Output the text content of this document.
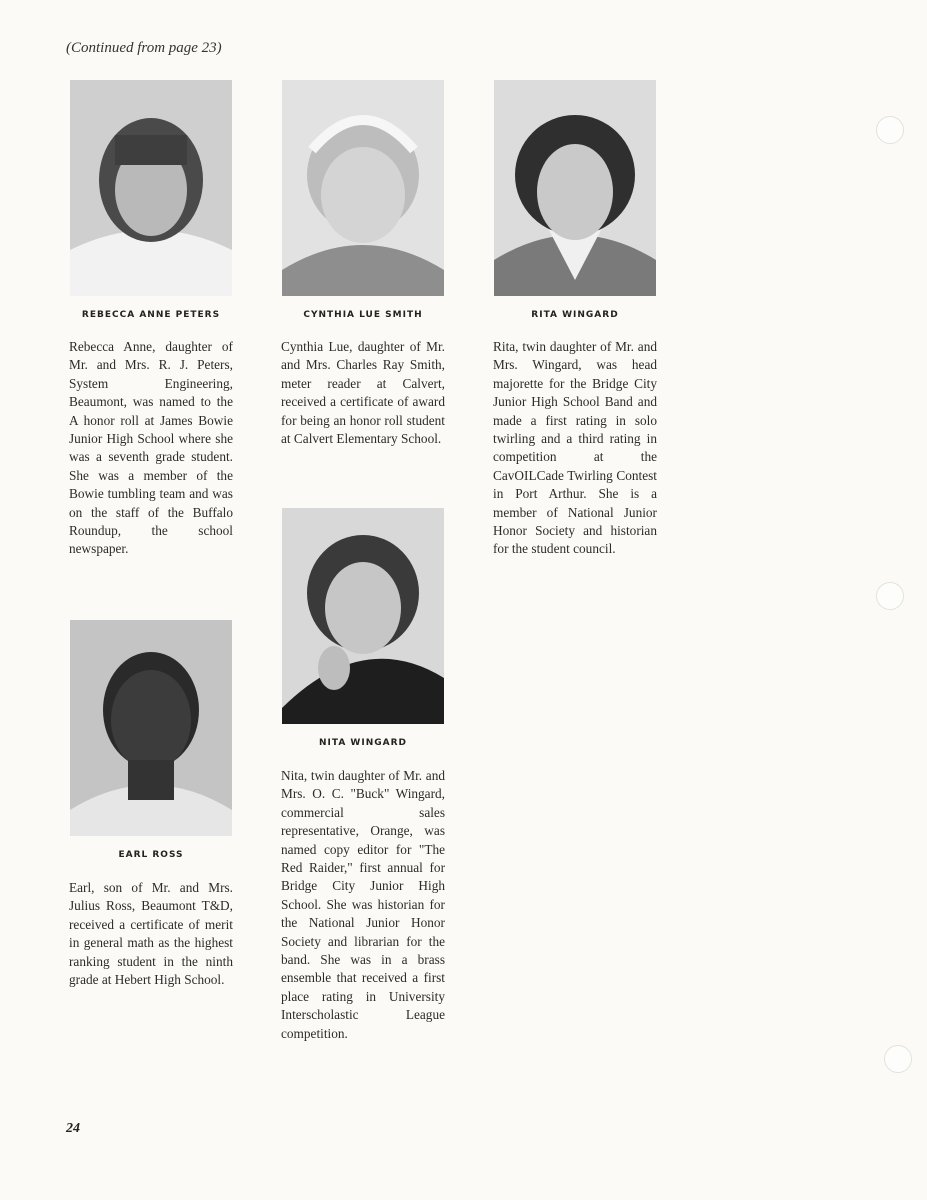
(Continued from page 23)
REBECCA ANNE PETERS
Rebecca Anne, daughter of Mr. and Mrs. R. J. Peters, System Engineering, Beaumont, was named to the A honor roll at James Bowie Junior High School where she was a seventh grade student. She was a member of the Bowie tumbling team and was on the staff of the Buffalo Roundup, the school newspaper.
CYNTHIA LUE SMITH
Cynthia Lue, daughter of Mr. and Mrs. Charles Ray Smith, meter reader at Calvert, received a certificate of award for being an honor roll student at Calvert Elementary School.
RITA WINGARD
Rita, twin daughter of Mr. and Mrs. Wingard, was head majorette for the Bridge City Junior High School Band and made a first rating in solo twirling and a third rating in competition at the CavOILCade Twirling Contest in Port Arthur. She is a member of National Junior Honor Society and historian for the student council.
NITA WINGARD
Nita, twin daughter of Mr. and Mrs. O. C. "Buck" Wingard, commercial sales representative, Orange, was named copy editor for "The Red Raider," first annual for Bridge City Junior High School. She was historian for the National Junior Honor Society and librarian for the band. She was in a brass ensemble that received a first place rating in University Interscholastic League competition.
EARL ROSS
Earl, son of Mr. and Mrs. Julius Ross, Beaumont T&D, received a certificate of merit in general math as the highest ranking student in the ninth grade at Hebert High School.
24
